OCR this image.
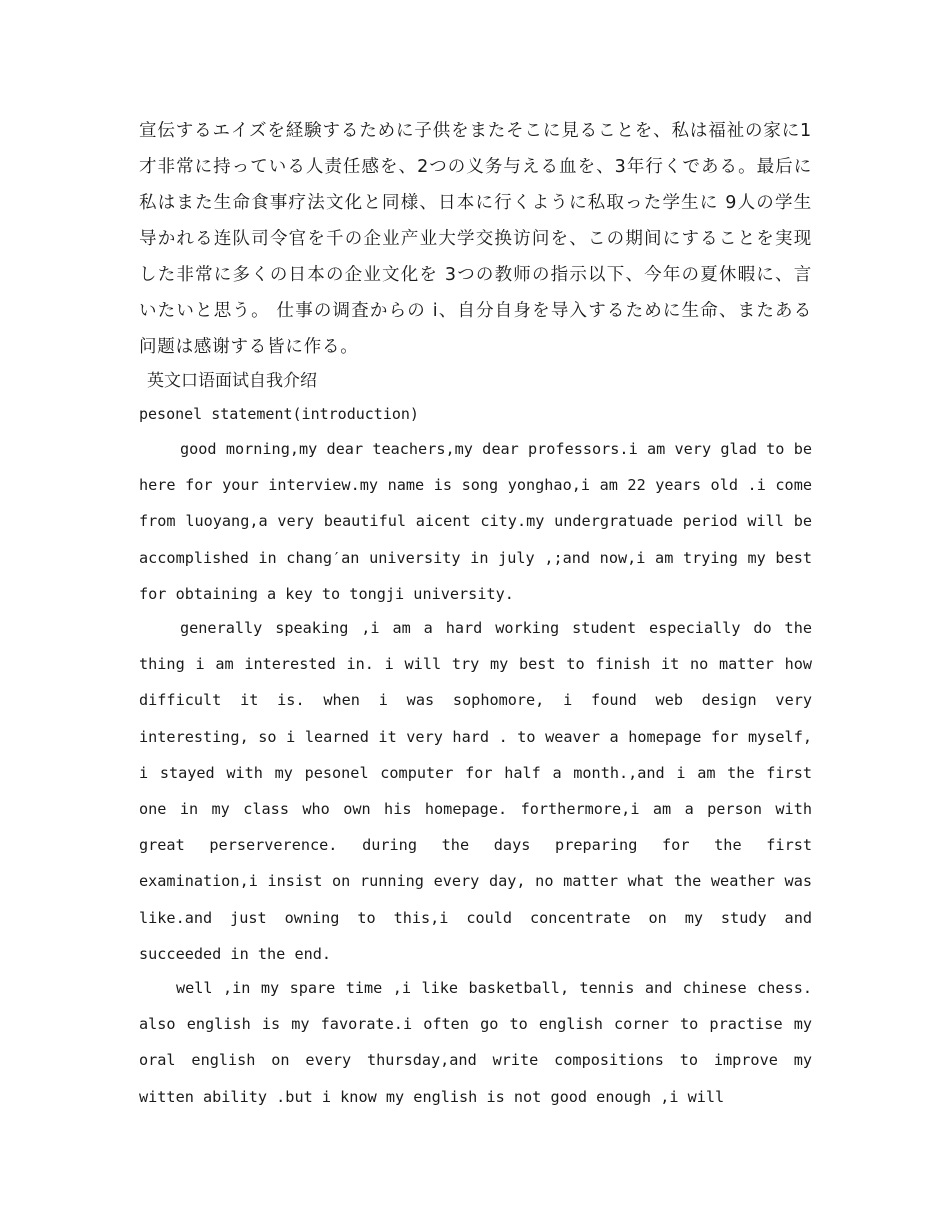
宣伝するエイズを経験するために子供をまたそこに見ることを、私は福祉の家に1才非常に持っている人责任感を、2つの义务与える血を、3年行くである。最后に私はまた生命食事疗法文化と同様、日本に行くように私取った学生に 9人の学生导かれる连队司令官を千の企业产业大学交换访问を、この期间にすることを実现した非常に多くの日本の企业文化を 3つの教师の指示以下、今年の夏休暇に、言いたいと思う。 仕事の调査からの i、自分自身を导入するために生命、またある问题は感谢する皆に作る。

英文口语面试自我介绍

pesonel statement(introduction)

good morning,my dear teachers,my dear professors.i am very glad to be here for your interview.my name is song yonghao,i am 22 years old .i come from luoyang,a very beautiful aicent city.my undergratuade period will be accomplished in chang′an university in july ,;and now,i am trying my best for obtaining a key to tongji university.

generally speaking ,i am a hard working student especially do the thing i am interested in. i will try my best to finish it no matter how difficult it is. when i was sophomore, i found web design very interesting, so i learned it very hard . to weaver a homepage for myself, i stayed with my pesonel computer for half a month.,and i am the first one in my class who own his homepage. forthermore,i am a person with great perserverence. during the days preparing for the first examination,i insist on running every day, no matter what the weather was like.and just owning to this,i could concentrate on my study and succeeded in the end.

well ,in my spare time ,i like basketball, tennis and chinese chess. also english is my favorate.i often go to english corner to practise my oral english on every thursday,and write compositions to improve my witten ability .but i know my english is not good enough ,i will
